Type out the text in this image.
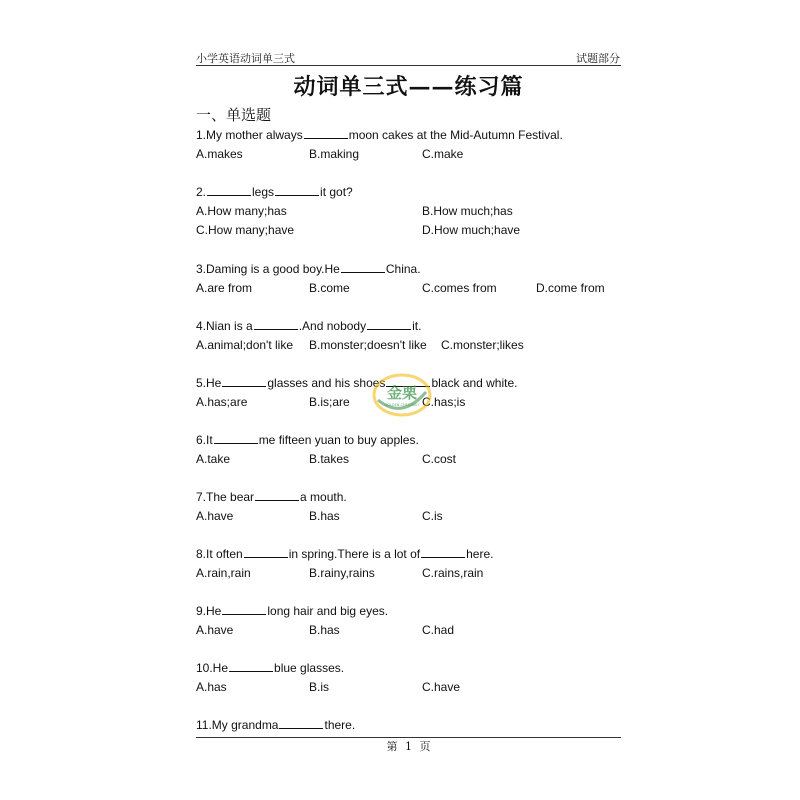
小学英语动词单三式	试题部分
动词单三式——练习篇
一、单选题
1.My mother always	moon cakes at the Mid-Autumn Festival.
A.makes	B.making	C.make
2.	legs	it got?
A.How many;has	B.How much;has
C.How many;have	D.How much;have
3.Daming is a good boy.He	China.
A.are from	B.come	C.comes from	D.come from
4.Nian is a	.And nobody	it.
A.animal;don't like B.monster;doesn't like C.monster;likes
5.He	glasses and his shoes	black and white.
A.has;are	B.is;are	C.has;is
6.It	me fifteen yuan to buy apples.
A.take	B.takes	C.cost
7.The bear	a mouth.
A.have	B.has	C.is
8.It often	in spring.There is a lot of	here.
A.rain,rain	B.rainy,rains	C.rains,rain
9.He	long hair and big eyes.
A.have	B.has	C.had
10.He	blue glasses.
A.has	B.is	C.have
11.My grandma	there.
金栗
GOLDEN CHESTNUT
第 1 页
